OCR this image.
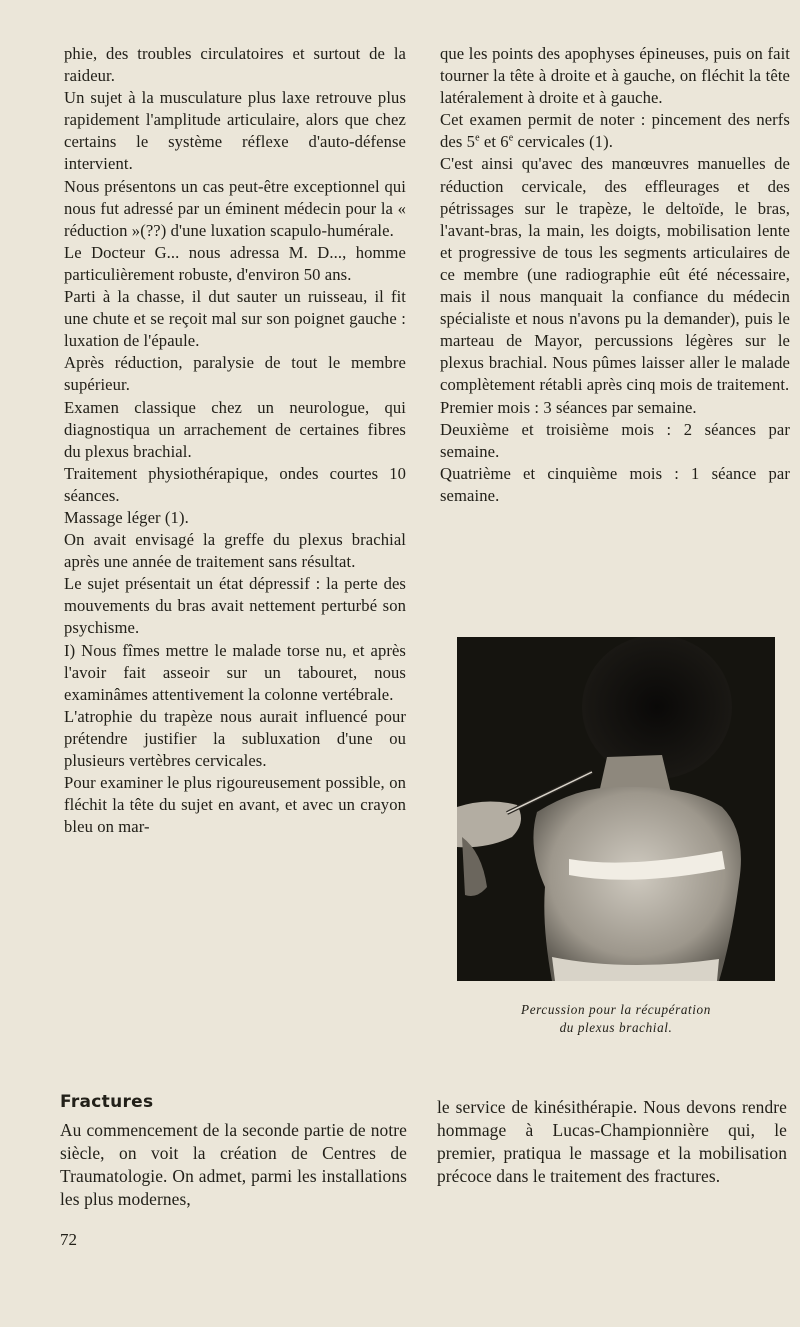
phie, des troubles circulatoires et surtout de la raideur.

Un sujet à la musculature plus laxe retrouve plus rapidement l'amplitude articulaire, alors que chez certains le système réflexe d'auto-défense intervient.

Nous présentons un cas peut-être exceptionnel qui nous fut adressé par un éminent médecin pour la « réduction »(??) d'une luxation scapulo-humérale.

Le Docteur G... nous adressa M. D..., homme particulièrement robuste, d'environ 50 ans.

Parti à la chasse, il dut sauter un ruisseau, il fit une chute et se reçoit mal sur son poignet gauche : luxation de l'épaule.

Après réduction, paralysie de tout le membre supérieur.

Examen classique chez un neurologue, qui diagnostiqua un arrachement de certaines fibres du plexus brachial.

Traitement physiothérapique, ondes courtes 10 séances.

Massage léger (1).

On avait envisagé la greffe du plexus brachial après une année de traitement sans résultat.

Le sujet présentait un état dépressif : la perte des mouvements du bras avait nettement perturbé son psychisme.

I) Nous fîmes mettre le malade torse nu, et après l'avoir fait asseoir sur un tabouret, nous examinâmes attentivement la colonne vertébrale.

L'atrophie du trapèze nous aurait influencé pour prétendre justifier la subluxation d'une ou plusieurs vertèbres cervicales.

Pour examiner le plus rigoureusement possible, on fléchit la tête du sujet en avant, et avec un crayon bleu on mar-

que les points des apophyses épineuses, puis on fait tourner la tête à droite et à gauche, on fléchit la tête latéralement à droite et à gauche.

Cet examen permit de noter : pincement des nerfs des 5e et 6e cervicales (1).

C'est ainsi qu'avec des manœuvres manuelles de réduction cervicale, des effleurages et des pétrissages sur le trapèze, le deltoïde, le bras, l'avant-bras, la main, les doigts, mobilisation lente et progressive de tous les segments articulaires de ce membre (une radiographie eût été nécessaire, mais il nous manquait la confiance du médecin spécialiste et nous n'avons pu la demander), puis le marteau de Mayor, percussions légères sur le plexus brachial. Nous pûmes laisser aller le malade complètement rétabli après cinq mois de traitement.

Premier mois : 3 séances par semaine.

Deuxième et troisième mois : 2 séances par semaine.

Quatrième et cinquième mois : 1 séance par semaine.

Percussion pour la récupération
du plexus brachial.
Fractures

Au commencement de la seconde partie de notre siècle, on voit la création de Centres de Traumatologie. On admet, parmi les installations les plus modernes,

le service de kinésithérapie. Nous devons rendre hommage à Lucas-Championnière qui, le premier, pratiqua le massage et la mobilisation précoce dans le traitement des fractures.

72
